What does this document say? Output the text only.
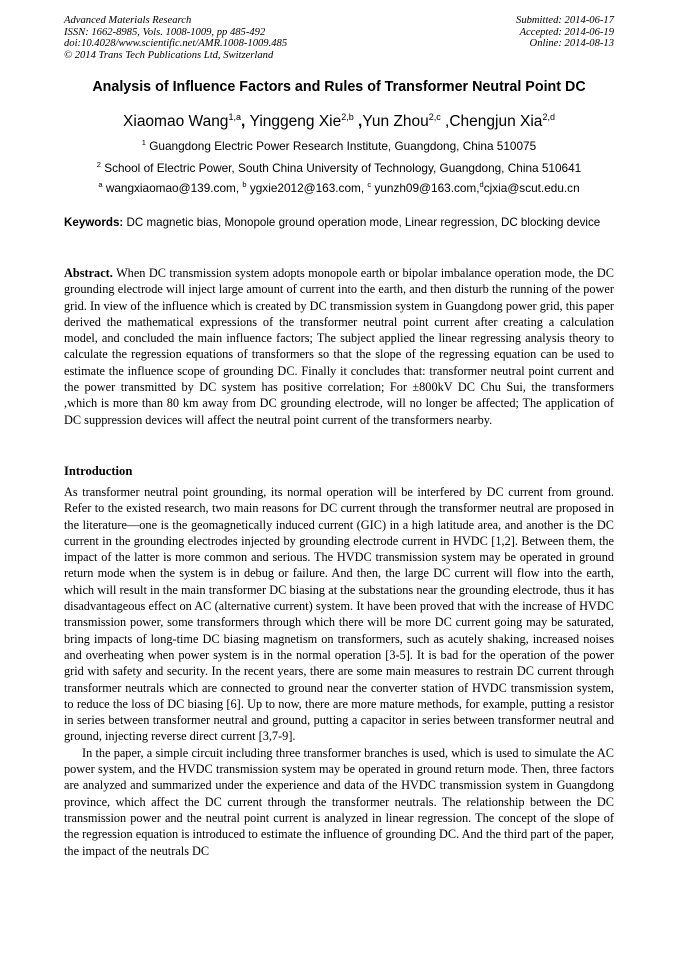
Advanced Materials Research
ISSN: 1662-8985, Vols. 1008-1009, pp 485-492
doi:10.4028/www.scientific.net/AMR.1008-1009.485
© 2014 Trans Tech Publications Ltd, Switzerland
Submitted: 2014-06-17
Accepted: 2014-06-19
Online: 2014-08-13
Analysis of Influence Factors and Rules of Transformer Neutral Point DC
Xiaomao Wang$^{1,a}$, Yinggeng Xie$^{2,b}$ ,Yun Zhou$^{2,c}$ ,Chengjun Xia$^{2,d}$
$^1$ Guangdong Electric Power Research Institute, Guangdong, China 510075
$^2$ School of Electric Power, South China University of Technology, Guangdong, China 510641
$^a$ wangxiaomao@139.com, $^b$ ygxie2012@163.com, $^c$ yunzh09@163.com,$^d$cjxia@scut.edu.cn
Keywords: DC magnetic bias, Monopole ground operation mode, Linear regression, DC blocking device
Abstract. When DC transmission system adopts monopole earth or bipolar imbalance operation mode, the DC grounding electrode will inject large amount of current into the earth, and then disturb the running of the power grid. In view of the influence which is created by DC transmission system in Guangdong power grid, this paper derived the mathematical expressions of the transformer neutral point current after creating a calculation model, and concluded the main influence factors; The subject applied the linear regressing analysis theory to calculate the regression equations of transformers so that the slope of the regressing equation can be used to estimate the influence scope of grounding DC. Finally it concludes that: transformer neutral point current and the power transmitted by DC system has positive correlation; For ±800kV DC Chu Sui, the transformers ,which is more than 80 km away from DC grounding electrode, will no longer be affected; The application of DC suppression devices will affect the neutral point current of the transformers nearby.
Introduction

As transformer neutral point grounding, its normal operation will be interfered by DC current from ground. Refer to the existed research, two main reasons for DC current through the transformer neutral are proposed in the literature—one is the geomagnetically induced current (GIC) in a high latitude area, and another is the DC current in the grounding electrodes injected by grounding electrode current in HVDC [1,2]. Between them, the impact of the latter is more common and serious. The HVDC transmission system may be operated in ground return mode when the system is in debug or failure. And then, the large DC current will flow into the earth, which will result in the main transformer DC biasing at the substations near the grounding electrode, thus it has disadvantageous effect on AC (alternative current) system. It have been proved that with the increase of HVDC transmission power, some transformers through which there will be more DC current going may be saturated, bring impacts of long-time DC biasing magnetism on transformers, such as acutely shaking, increased noises and overheating when power system is in the normal operation [3-5]. It is bad for the operation of the power grid with safety and security. In the recent years, there are some main measures to restrain DC current through transformer neutrals which are connected to ground near the converter station of HVDC transmission system, to reduce the loss of DC biasing [6]. Up to now, there are more mature methods, for example, putting a resistor in series between transformer neutral and ground, putting a capacitor in series between transformer neutral and ground, injecting reverse direct current [3,7-9].

In the paper, a simple circuit including three transformer branches is used, which is used to simulate the AC power system, and the HVDC transmission system may be operated in ground return mode. Then, three factors are analyzed and summarized under the experience and data of the HVDC transmission system in Guangdong province, which affect the DC current through the transformer neutrals. The relationship between the DC transmission power and the neutral point current is analyzed in linear regression. The concept of the slope of the regression equation is introduced to estimate the influence of grounding DC. And the third part of the paper, the impact of the neutrals DC
